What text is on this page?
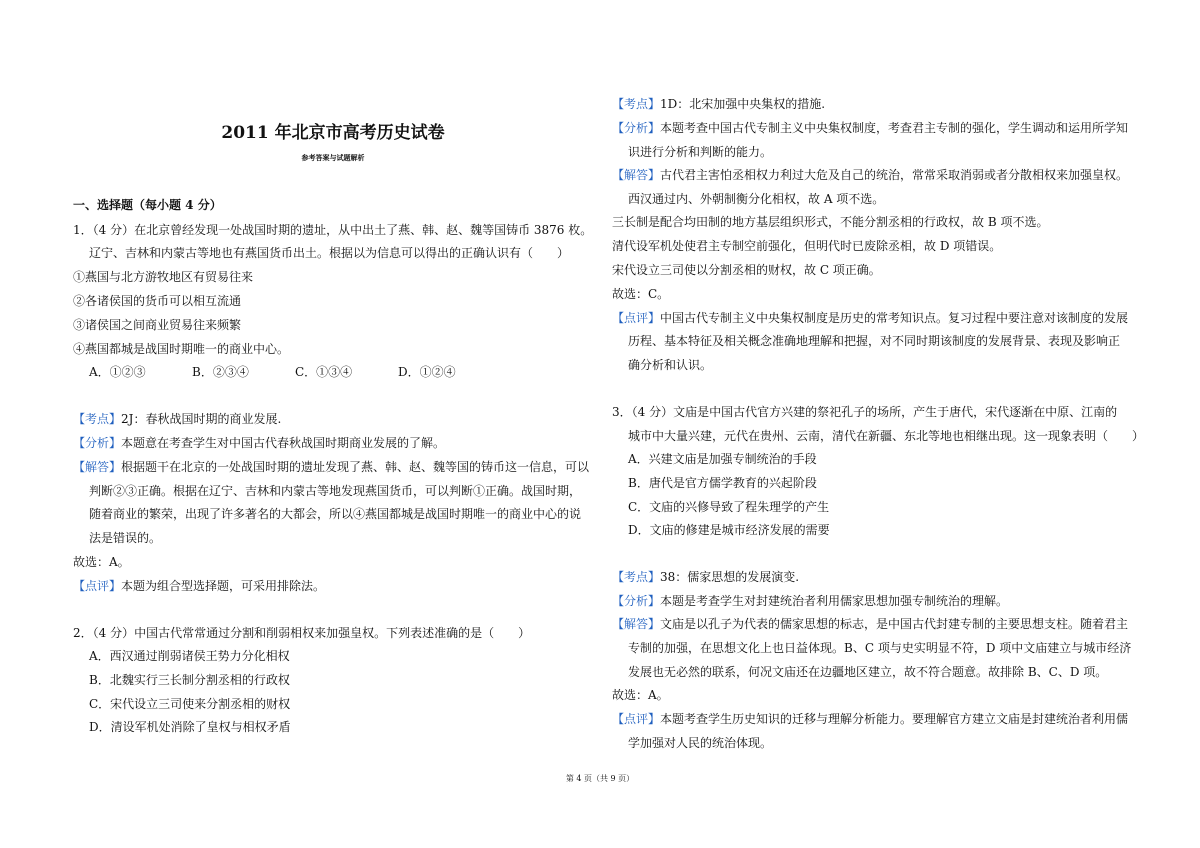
2011 年北京市高考历史试卷
参考答案与试题解析
一、选择题（每小题 4 分）
1．（4 分）在北京曾经发现一处战国时期的遗址，从中出土了燕、韩、赵、魏等国铸币 3876 枚。
辽宁、吉林和内蒙古等地也有燕国货币出土。根据以为信息可以得出的正确认识有（　　）
①燕国与北方游牧地区有贸易往来
②各诸侯国的货币可以相互流通
③诸侯国之间商业贸易往来频繁
④燕国都城是战国时期唯一的商业中心。
A．①②③	B．②③④	C．①③④	D．①②④
【考点】2J：春秋战国时期的商业发展.
【分析】本题意在考查学生对中国古代春秋战国时期商业发展的了解。
【解答】根据题干在北京的一处战国时期的遗址发现了燕、韩、赵、魏等国的铸币这一信息，可以
判断②③正确。根据在辽宁、吉林和内蒙古等地发现燕国货币，可以判断①正确。战国时期，
随着商业的繁荣，出现了许多著名的大都会，所以④燕国都城是战国时期唯一的商业中心的说
法是错误的。
故选：A。
【点评】本题为组合型选择题，可采用排除法。
2．（4 分）中国古代常常通过分割和削弱相权来加强皇权。下列表述准确的是（　　）
A．西汉通过削弱诸侯王势力分化相权
B．北魏实行三长制分割丞相的行政权
C．宋代设立三司使来分割丞相的财权
D．清设军机处消除了皇权与相权矛盾
【考点】1D：北宋加强中央集权的措施.
【分析】本题考查中国古代专制主义中央集权制度，考查君主专制的强化，学生调动和运用所学知
识进行分析和判断的能力。
【解答】古代君主害怕丞相权力利过大危及自己的统治，常常采取消弱或者分散相权来加强皇权。
西汉通过内、外朝制衡分化相权，故 A 项不选。
三长制是配合均田制的地方基层组织形式，不能分割丞相的行政权，故 B 项不选。
清代设军机处使君主专制空前强化，但明代时已废除丞相，故 D 项错误。
宋代设立三司使以分割丞相的财权，故 C 项正确。
故选：C。
【点评】中国古代专制主义中央集权制度是历史的常考知识点。复习过程中要注意对该制度的发展
历程、基本特征及相关概念准确地理解和把握，对不同时期该制度的发展背景、表现及影响正
确分析和认识。
3．（4 分）文庙是中国古代官方兴建的祭祀孔子的场所，产生于唐代，宋代逐渐在中原、江南的
城市中大量兴建，元代在贵州、云南，清代在新疆、东北等地也相继出现。这一现象表明（　　）
A．兴建文庙是加强专制统治的手段
B．唐代是官方儒学教育的兴起阶段
C．文庙的兴修导致了程朱理学的产生
D．文庙的修建是城市经济发展的需要
【考点】38：儒家思想的发展演变.
【分析】本题是考查学生对封建统治者利用儒家思想加强专制统治的理解。
【解答】文庙是以孔子为代表的儒家思想的标志，是中国古代封建专制的主要思想支柱。随着君主
专制的加强，在思想文化上也日益体现。B、C 项与史实明显不符，D 项中文庙建立与城市经济
发展也无必然的联系，何况文庙还在边疆地区建立，故不符合题意。故排除 B、C、D 项。
故选：A。
【点评】本题考查学生历史知识的迁移与理解分析能力。要理解官方建立文庙是封建统治者利用儒
学加强对人民的统治体现。
第 4 页（共 9 页）
